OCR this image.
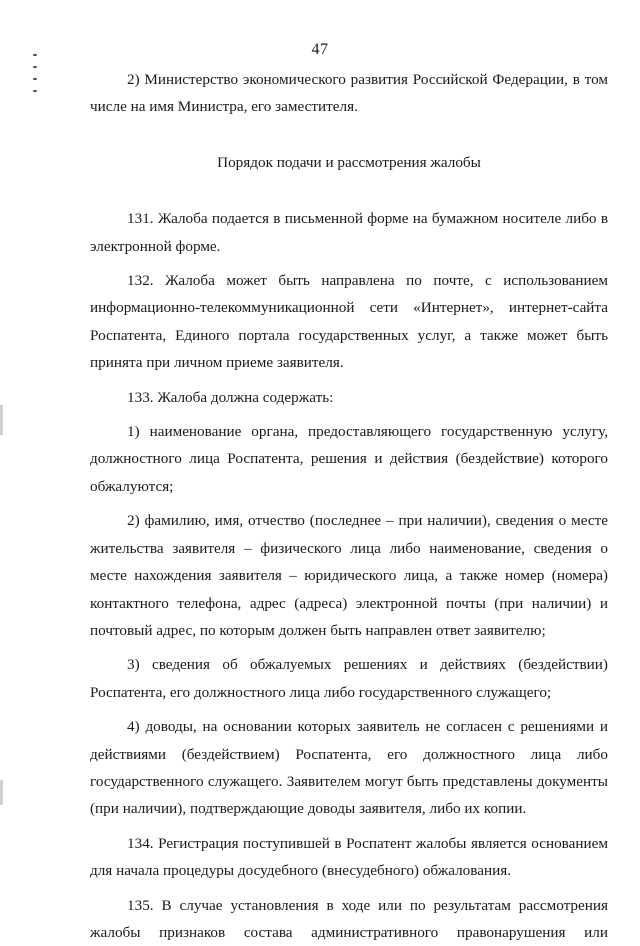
47

2) Министерство экономического развития Российской Федерации, в том числе на имя Министра, его заместителя.

Порядок подачи и рассмотрения жалобы

131. Жалоба подается в письменной форме на бумажном носителе либо в электронной форме.

132. Жалоба может быть направлена по почте, с использованием информационно-телекоммуникационной сети «Интернет», интернет-сайта Роспатента, Единого портала государственных услуг, а также может быть принята при личном приеме заявителя.

133. Жалоба должна содержать:

1) наименование органа, предоставляющего государственную услугу, должностного лица Роспатента, решения и действия (бездействие) которого обжалуются;

2) фамилию, имя, отчество (последнее – при наличии), сведения о месте жительства заявителя – физического лица либо наименование, сведения о месте нахождения заявителя – юридического лица, а также номер (номера) контактного телефона, адрес (адреса) электронной почты (при наличии) и почтовый адрес, по которым должен быть направлен ответ заявителю;

3) сведения об обжалуемых решениях и действиях (бездействии) Роспатента, его должностного лица либо государственного служащего;

4) доводы, на основании которых заявитель не согласен с решениями и действиями (бездействием) Роспатента, его должностного лица либо государственного служащего. Заявителем могут быть представлены документы (при наличии), подтверждающие доводы заявителя, либо их копии.

134. Регистрация поступившей в Роспатент жалобы является основанием для начала процедуры досудебного (внесудебного) обжалования.

135. В случае установления в ходе или по результатам рассмотрения жалобы признаков состава административного правонарушения или
